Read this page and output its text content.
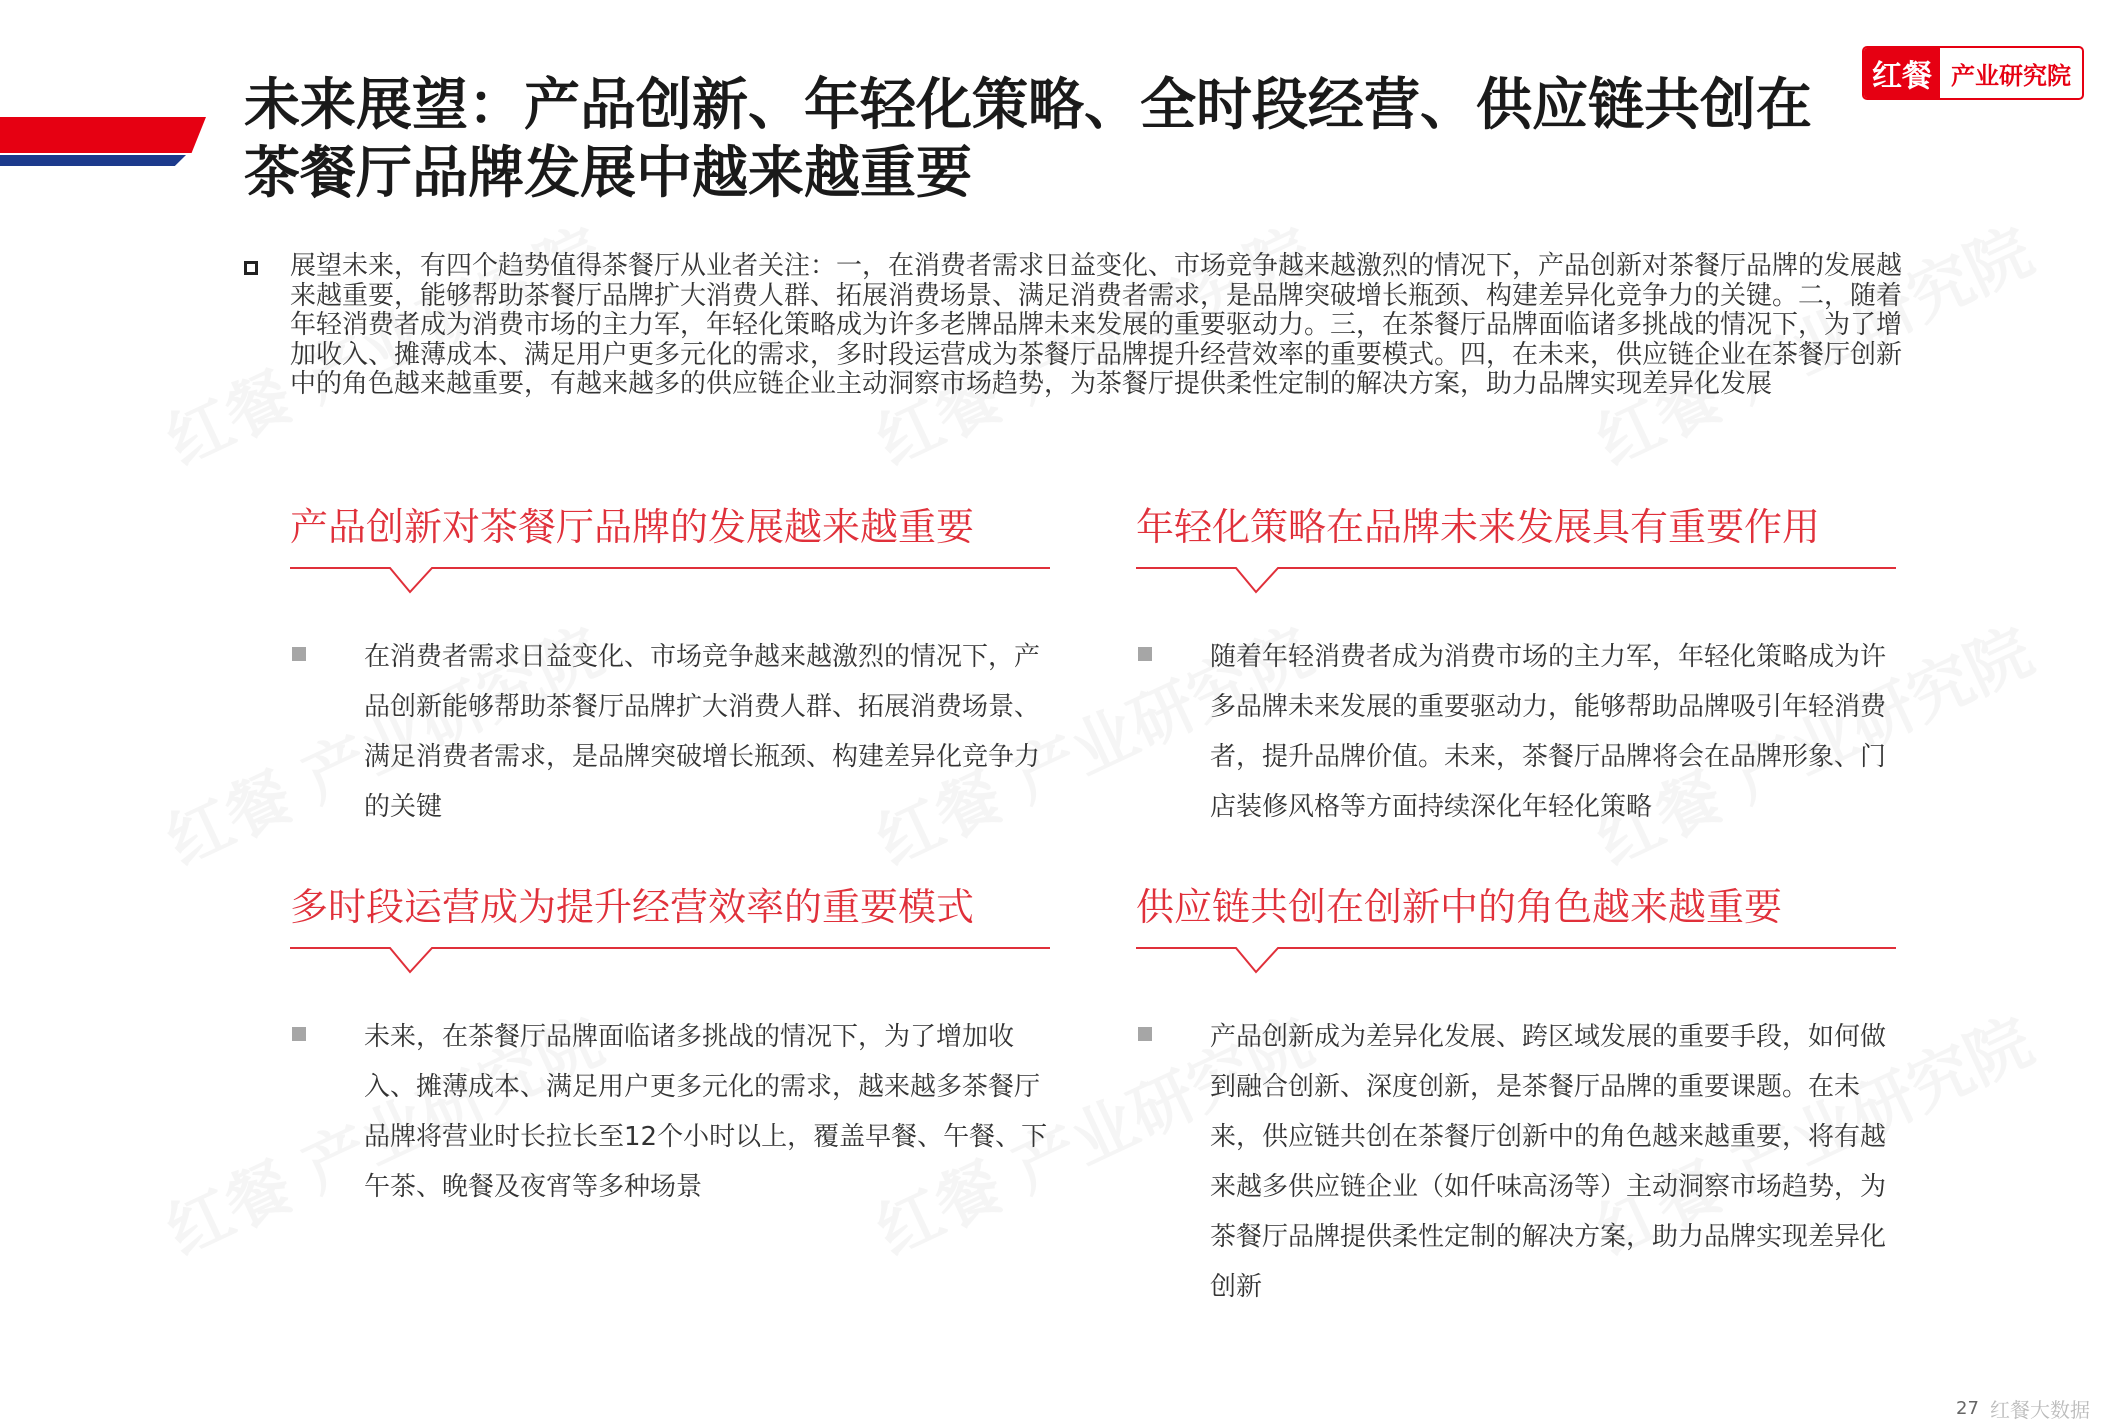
未来展望：产品创新、年轻化策略、全时段经营、供应链共创在
茶餐厅品牌发展中越来越重要
红餐 产业研究院

展望未来，有四个趋势值得茶餐厅从业者关注：一，在消费者需求日益变化、市场竞争越来越激烈的情况下，产品创新对茶餐厅品牌的发展越来越重要，能够帮助茶餐厅品牌扩大消费人群、拓展消费场景、满足消费者需求，是品牌突破增长瓶颈、构建差异化竞争力的关键。二，随着年轻消费者成为消费市场的主力军，年轻化策略成为许多老牌品牌未来发展的重要驱动力。三，在茶餐厅品牌面临诸多挑战的情况下，为了增加收入、摊薄成本、满足用户更多元化的需求，多时段运营成为茶餐厅品牌提升经营效率的重要模式。四，在未来，供应链企业在茶餐厅创新中的角色越来越重要，有越来越多的供应链企业主动洞察市场趋势，为茶餐厅提供柔性定制的解决方案，助力品牌实现差异化发展

产品创新对茶餐厅品牌的发展越来越重要

在消费者需求日益变化、市场竞争越来越激烈的情况下，产品创新能够帮助茶餐厅品牌扩大消费人群、拓展消费场景、满足消费者需求，是品牌突破增长瓶颈、构建差异化竞争力的关键

年轻化策略在品牌未来发展具有重要作用

随着年轻消费者成为消费市场的主力军，年轻化策略成为许多品牌未来发展的重要驱动力，能够帮助品牌吸引年轻消费者，提升品牌价值。未来，茶餐厅品牌将会在品牌形象、门店装修风格等方面持续深化年轻化策略

多时段运营成为提升经营效率的重要模式

未来，在茶餐厅品牌面临诸多挑战的情况下，为了增加收入、摊薄成本、满足用户更多元化的需求，越来越多茶餐厅品牌将营业时长拉长至12个小时以上，覆盖早餐、午餐、下午茶、晚餐及夜宵等多种场景

供应链共创在创新中的角色越来越重要

产品创新成为差异化发展、跨区域发展的重要手段，如何做到融合创新、深度创新，是茶餐厅品牌的重要课题。在未来，供应链共创在茶餐厅创新中的角色越来越重要，将有越来越多供应链企业（如仟味高汤等）主动洞察市场趋势，为茶餐厅品牌提供柔性定制的解决方案，助力品牌实现差异化创新

27 红餐大数据
